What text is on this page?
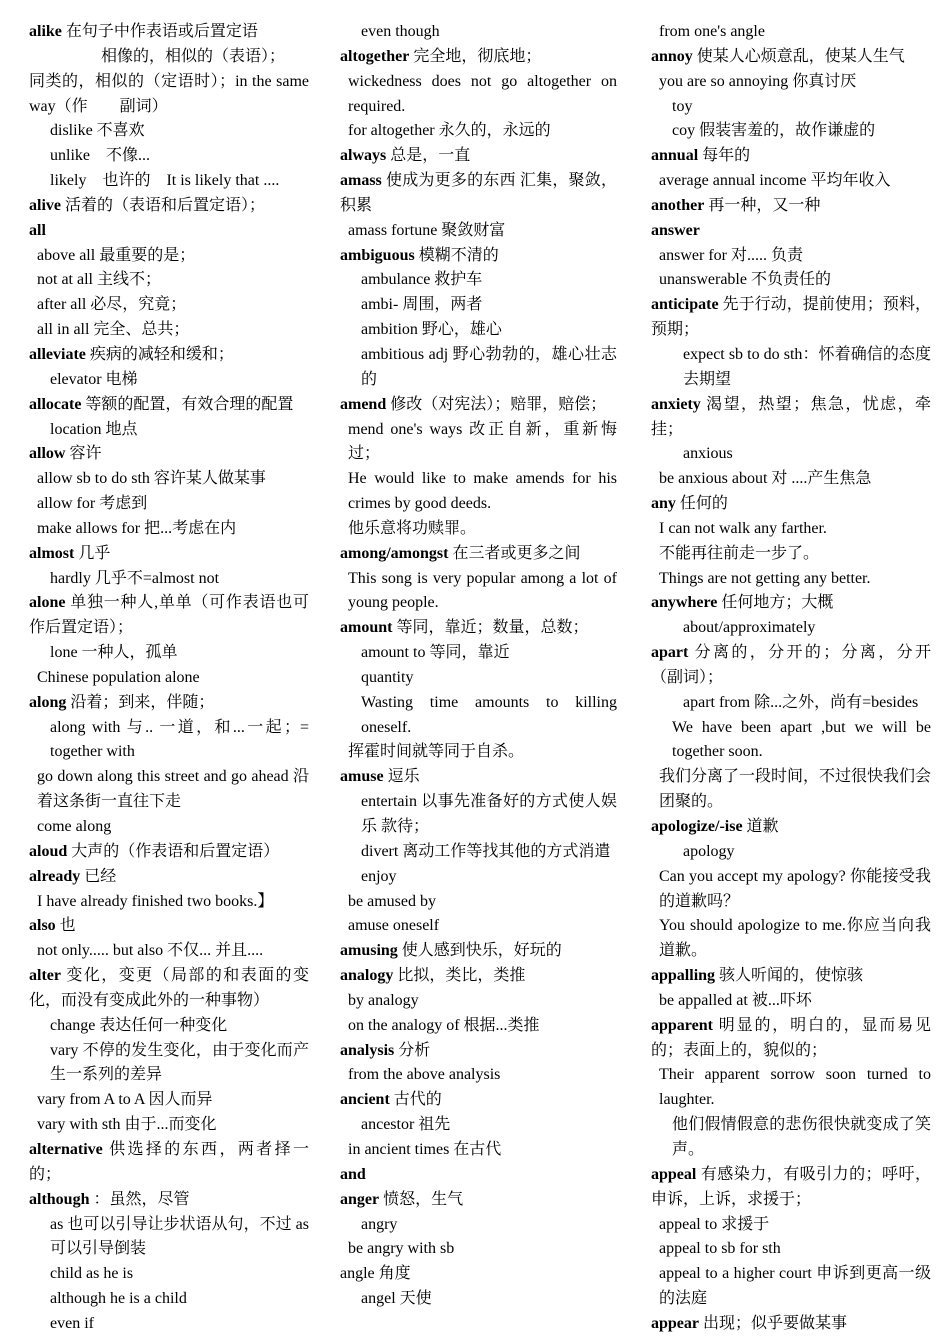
alike 在句子中作表语或后置定语

相像的，相似的（表语）；

同类的，相似的（定语时）；in the same way（作　　副词）

dislike 不喜欢

unlike　不像...

likely　也许的　It is likely that ....

alive 活着的（表语和后置定语）；

all

above all 最重要的是；

not at all 主线不；

after all 必尽，究竟；

all in all 完全、总共；

alleviate 疾病的减轻和缓和；

elevator 电梯

allocate 等额的配置，有效合理的配置

location 地点

allow 容许

allow sb to do sth 容许某人做某事

allow for 考虑到

make allows for 把...考虑在内

almost 几乎

hardly 几乎不=almost not

alone 单独一种人,单单（可作表语也可作后置定语）；

lone 一种人，孤单

Chinese population alone

along 沿着；到来，伴随；

along with 与.. 一道，和...一起；= together with

go down along this street and go ahead 沿着这条街一直往下走

come along

aloud 大声的（作表语和后置定语）

already 已经

I have already finished two books.】

also 也

not only..... but also 不仅... 并且....

alter 变化，变更（局部的和表面的变化，而没有变成此外的一种事物）

change 表达任何一种变化

vary 不停的发生变化，由于变化而产生一系列的差异

vary from A to A 因人而异

vary with sth 由于...而变化

alternative 供选择的东西，两者择一的；

although ：虽然，尽管

as 也可以引导让步状语从句，不过 as 可以引导倒装

child as he is

although he is a child

even if

even though

altogether 完全地，彻底地；

wickedness does not go altogether on required.

for altogether 永久的，永远的

always 总是，一直

amass 使成为更多的东西 汇集，聚敛，积累

amass fortune 聚敛财富

ambiguous 模糊不清的

ambulance 救护车

ambi- 周围，两者

ambition 野心，雄心

ambitious adj 野心勃勃的，雄心壮志的

amend 修改（对宪法）；赔罪，赔偿；

mend one's ways 改正自新，重新悔过；

He would like to make amends for his crimes by good deeds.

他乐意将功赎罪。

among/amongst 在三者或更多之间

This song is very popular among a lot of young people.

amount 等同，靠近；数量，总数；

amount to 等同，靠近

quantity

Wasting time amounts to killing oneself.

挥霍时间就等同于自杀。

amuse 逗乐

entertain 以事先准备好的方式使人娱乐 款待；

divert 离动工作等找其他的方式消遣

enjoy

be amused by

amuse oneself

amusing 使人感到快乐，好玩的

analogy 比拟，类比，类推

by analogy

on the analogy of 根据...类推

analysis 分析

from the above analysis

ancient 古代的

ancestor 祖先

in ancient times 在古代

and

anger 愤怒，生气

angry

be angry with sb

angle 角度

angel 天使

from one's angle

annoy 使某人心烦意乱，使某人生气

you are so annoying 你真讨厌

toy

coy 假装害羞的，故作谦虚的

annual 每年的

average annual income 平均年收入

another 再一种，又一种

answer

answer for 对..... 负责

unanswerable 不负责任的

anticipate 先于行动，提前使用；预料，预期；

expect sb to do sth：怀着确信的态度去期望

anxiety 渴望，热望；焦急，忧虑，牵挂；

anxious

be anxious about 对 ....产生焦急

any 任何的

I can not walk any farther.

不能再往前走一步了。

Things are not getting any better.

anywhere 任何地方；大概

about/approximately

apart 分离的，分开的；分离，分开（副词）；

apart from 除...之外，尚有=besides

We have been apart ,but we will be together soon.

我们分离了一段时间，不过很快我们会团聚的。

apologize/-ise 道歉

apology

Can you accept my apology? 你能接受我的道歉吗？

You should apologize to me.你应当向我道歉。

appalling 骇人听闻的，使惊骇

be appalled at 被...吓坏

apparent 明显的，明白的，显而易见的；表面上的，貌似的；

Their apparent sorrow soon turned to laughter.

他们假情假意的悲伤很快就变成了笑声。

appeal 有感染力，有吸引力的；呼吁，申诉，上诉，求援于；

appeal to 求援于

appeal to sb for sth

appeal to a higher court 申诉到更高一级的法庭

appear 出现；似乎要做某事
